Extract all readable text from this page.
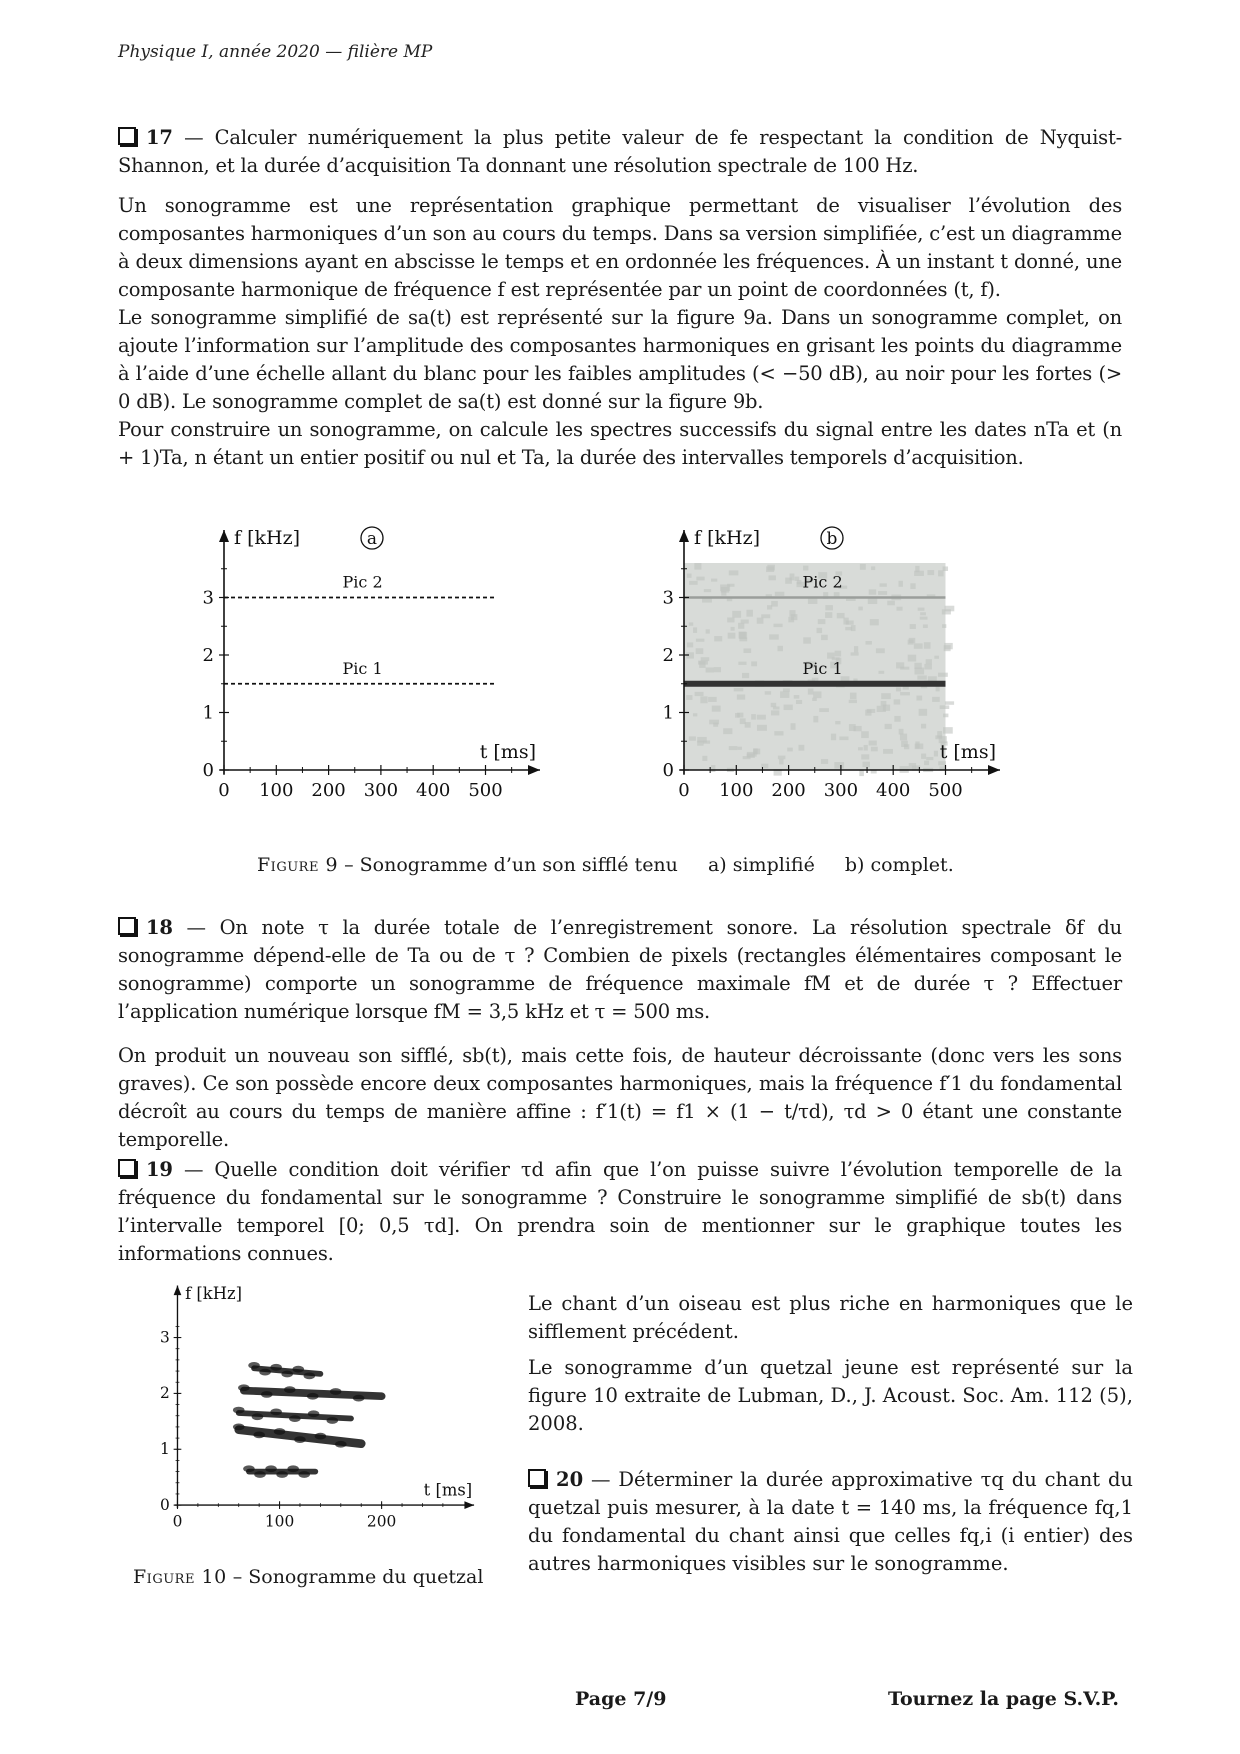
Physique I, année 2020 — filière MP
17 — Calculer numériquement la plus petite valeur de fe respectant la condition de Nyquist-Shannon, et la durée d’acquisition Ta donnant une résolution spectrale de 100 Hz.

Un sonogramme est une représentation graphique permettant de visualiser l’évolution des composantes harmoniques d’un son au cours du temps. Dans sa version simplifiée, c’est un diagramme à deux dimensions ayant en abscisse le temps et en ordonnée les fréquences. À un instant t donné, une composante harmonique de fréquence f est représentée par un point de coordonnées (t, f).

Le sonogramme simplifié de sa(t) est représenté sur la figure 9a. Dans un sonogramme complet, on ajoute l’information sur l’amplitude des composantes harmoniques en grisant les points du diagramme à l’aide d’une échelle allant du blanc pour les faibles amplitudes (< −50 dB), au noir pour les fortes (> 0 dB). Le sonogramme complet de sa(t) est donné sur la figure 9b.

Pour construire un sonogramme, on calcule les spectres successifs du signal entre les dates nTa et (n + 1)Ta, n étant un entier positif ou nul et Ta, la durée des intervalles temporels d’acquisition.

0
1
2
3
0 100 200 300 400 500
f [kHz]
t [ms]
a
Pic 2
Pic 1
0
1
2
3
0 100 200 300 400 500
f [kHz]
t [ms]
b
Pic 2
Pic 1
Figure 9 – Sonogramme d’un son sifflé tenu a) simplifié b) complet.
18 — On note τ la durée totale de l’enregistrement sonore. La résolution spectrale δf du sonogramme dépend-elle de Ta ou de τ ? Combien de pixels (rectangles élémentaires composant le sonogramme) comporte un sonogramme de fréquence maximale fM et de durée τ ? Effectuer l’application numérique lorsque fM = 3,5 kHz et τ = 500 ms.

On produit un nouveau son sifflé, sb(t), mais cette fois, de hauteur décroissante (donc vers les sons graves). Ce son possède encore deux composantes harmoniques, mais la fréquence f′1 du fondamental décroît au cours du temps de manière affine : f′1(t) = f1 × (1 − t/τd), τd > 0 étant une constante temporelle.

19 — Quelle condition doit vérifier τd afin que l’on puisse suivre l’évolution temporelle de la fréquence du fondamental sur le sonogramme ? Construire le sonogramme simplifié de sb(t) dans l’intervalle temporel [0; 0,5 τd]. On prendra soin de mentionner sur le graphique toutes les informations connues.
0
1
2
3
0	100	200
f [kHz]
t [ms]
Figure 10 – Sonogramme du quetzal

Le chant d’un oiseau est plus riche en harmoniques que le sifflement précédent.

Le sonogramme d’un quetzal jeune est représenté sur la figure 10 extraite de Lubman, D., J. Acoust. Soc. Am. 112 (5), 2008.

20 — Déterminer la durée approximative τq du chant du quetzal puis mesurer, à la date t = 140 ms, la fréquence fq,1 du fondamental du chant ainsi que celles fq,i (i entier) des autres harmoniques visibles sur le sonogramme.
Page 7/9	Tournez la page S.V.P.
